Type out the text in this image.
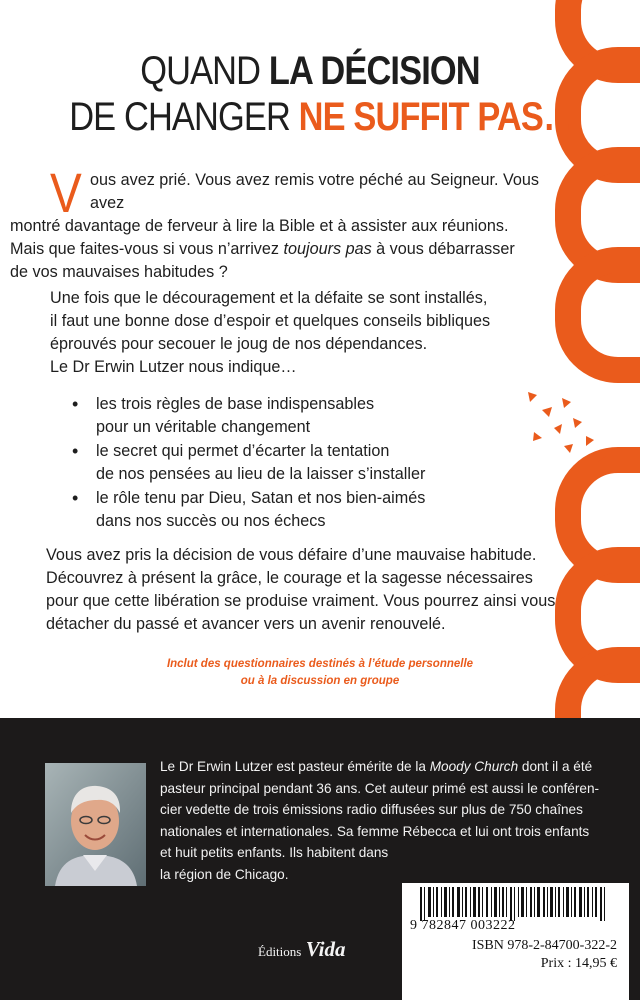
QUAND LA DÉCISION
DE CHANGER NE SUFFIT PAS…
V ous avez prié. Vous avez remis votre péché au Seigneur. Vous avez
montré davantage de ferveur à lire la Bible et à assister aux réunions.
Mais que faites-vous si vous n’arrivez toujours pas à vous débarrasser
de vos mauvaises habitudes ?
Une fois que le découragement et la défaite se sont installés,
il faut une bonne dose d’espoir et quelques conseils bibliques
éprouvés pour secouer le joug de nos dépendances.
Le Dr Erwin Lutzer nous indique…
• les trois règles de base indispensables
pour un véritable changement
• le secret qui permet d’écarter la tentation
de nos pensées au lieu de la laisser s’installer
• le rôle tenu par Dieu, Satan et nos bien-aimés
dans nos succès ou nos échecs
Vous avez pris la décision de vous défaire d’une mauvaise habitude.
Découvrez à présent la grâce, le courage et la sagesse nécessaires
pour que cette libération se produise vraiment. Vous pourrez ainsi vous
détacher du passé et avancer vers un avenir renouvelé.
Inclut des questionnaires destinés à l’étude personnelle
ou à la discussion en groupe
Le Dr Erwin Lutzer est pasteur émérite de la Moody Church dont il a été
pasteur principal pendant 36 ans. Cet auteur primé est aussi le conféren-
cier vedette de trois émissions radio diffusées sur plus de 750 chaînes
nationales et internationales. Sa femme Rébecca et lui ont trois enfants
et huit petits enfants. Ils habitent dans
la région de Chicago.
9 782847 003222
ISBN 978-2-84700-322-2
Prix : 14,95 €
Éditions Vida
